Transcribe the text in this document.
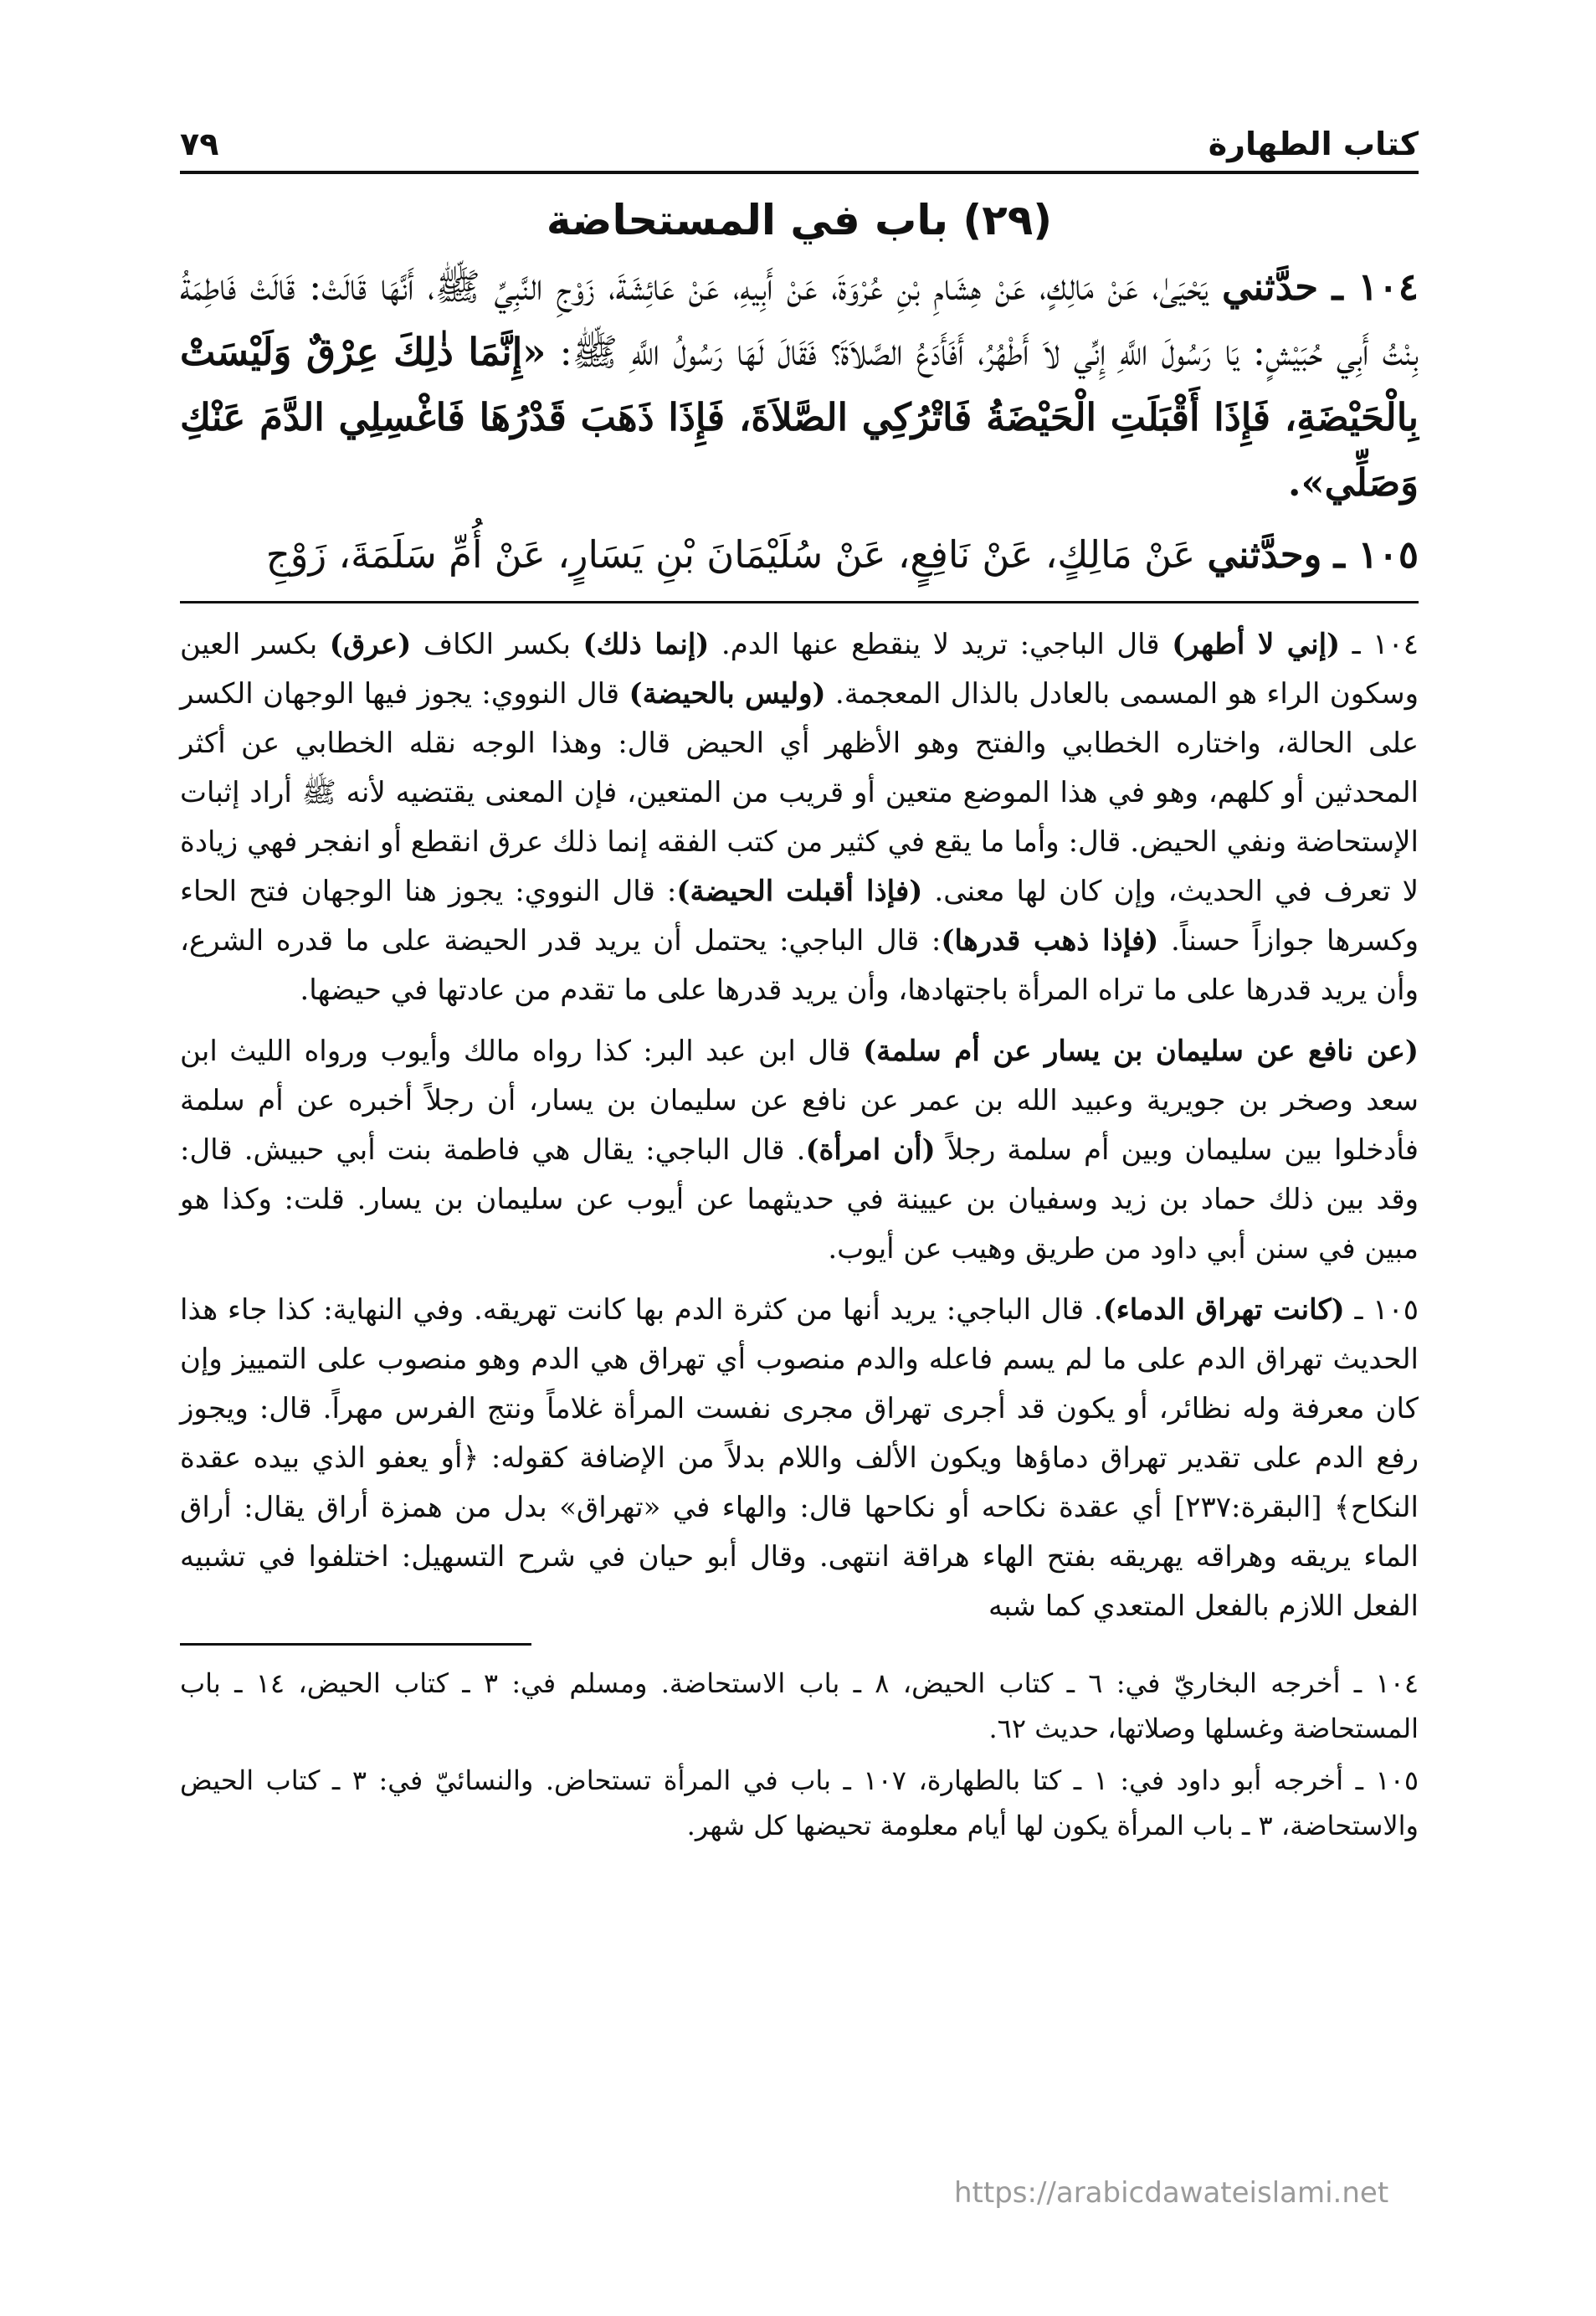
كتاب الطهارة
٧٩
(٢٩) باب في المستحاضة

١٠٤ ـ حدَّثني يَحْيَىٰ، عَنْ مَالِكٍ، عَنْ هِشَامِ بْنِ عُرْوَةَ، عَنْ أَبِيهِ، عَنْ عَائِشَةَ، زَوْجِ النَّبِيِّ ﷺ، أَنَّهَا قَالَتْ: قَالَتْ فَاطِمَةُ بِنْتُ أَبِي حُبَيْشٍ: يَا رَسُولَ اللَّهِ إِنِّي لاَ أَطْهُرُ، أَفَأَدَعُ الصَّلاَةَ؟ فَقَالَ لَهَا رَسُولُ اللَّهِ ﷺ: «إِنَّمَا ذٰلِكَ عِرْقٌ وَلَيْسَتْ بِالْحَيْضَةِ، فَإِذَا أَقْبَلَتِ الْحَيْضَةُ فَاتْرُكِي الصَّلاَةَ، فَإِذَا ذَهَبَ قَدْرُهَا فَاغْسِلِي الدَّمَ عَنْكِ وَصَلِّي».

١٠٥ ـ وحدَّثني عَنْ مَالِكٍ، عَنْ نَافِعٍ، عَنْ سُلَيْمَانَ بْنِ يَسَارٍ، عَنْ أُمِّ سَلَمَةَ، زَوْجِ

١٠٤ ـ (إني لا أطهر) قال الباجي: تريد لا ينقطع عنها الدم. (إنما ذلك) بكسر الكاف (عرق) بكسر العين وسكون الراء هو المسمى بالعادل بالذال المعجمة. (وليس بالحيضة) قال النووي: يجوز فيها الوجهان الكسر على الحالة، واختاره الخطابي والفتح وهو الأظهر أي الحيض قال: وهذا الوجه نقله الخطابي عن أكثر المحدثين أو كلهم، وهو في هذا الموضع متعين أو قريب من المتعين، فإن المعنى يقتضيه لأنه ﷺ أراد إثبات الإستحاضة ونفي الحيض. قال: وأما ما يقع في كثير من كتب الفقه إنما ذلك عرق انقطع أو انفجر فهي زيادة لا تعرف في الحديث، وإن كان لها معنى. (فإذا أقبلت الحيضة): قال النووي: يجوز هنا الوجهان فتح الحاء وكسرها جوازاً حسناً. (فإذا ذهب قدرها): قال الباجي: يحتمل أن يريد قدر الحيضة على ما قدره الشرع، وأن يريد قدرها على ما تراه المرأة باجتهادها، وأن يريد قدرها على ما تقدم من عادتها في حيضها.

(عن نافع عن سليمان بن يسار عن أم سلمة) قال ابن عبد البر: كذا رواه مالك وأيوب ورواه الليث ابن سعد وصخر بن جويرية وعبيد الله بن عمر عن نافع عن سليمان بن يسار، أن رجلاً أخبره عن أم سلمة فأدخلوا بين سليمان وبين أم سلمة رجلاً (أن امرأة). قال الباجي: يقال هي فاطمة بنت أبي حبيش. قال: وقد بين ذلك حماد بن زيد وسفيان بن عيينة في حديثهما عن أيوب عن سليمان بن يسار. قلت: وكذا هو مبين في سنن أبي داود من طريق وهيب عن أيوب.

١٠٥ ـ (كانت تهراق الدماء). قال الباجي: يريد أنها من كثرة الدم بها كانت تهريقه. وفي النهاية: كذا جاء هذا الحديث تهراق الدم على ما لم يسم فاعله والدم منصوب أي تهراق هي الدم وهو منصوب على التمييز وإن كان معرفة وله نظائر، أو يكون قد أجرى تهراق مجرى نفست المرأة غلاماً ونتج الفرس مهراً. قال: ويجوز رفع الدم على تقدير تهراق دماؤها ويكون الألف واللام بدلاً من الإضافة كقوله: ﴿أو يعفو الذي بيده عقدة النكاح﴾ [البقرة:٢٣٧] أي عقدة نكاحه أو نكاحها قال: والهاء في «تهراق» بدل من همزة أراق يقال: أراق الماء يريقه وهراقه يهريقه بفتح الهاء هراقة انتهى. وقال أبو حيان في شرح التسهيل: اختلفوا في تشبيه الفعل اللازم بالفعل المتعدي كما شبه

١٠٤ ـ أخرجه البخاريّ في: ٦ ـ كتاب الحيض، ٨ ـ باب الاستحاضة. ومسلم في: ٣ ـ كتاب الحيض، ١٤ ـ باب المستحاضة وغسلها وصلاتها، حديث ٦٢.

١٠٥ ـ أخرجه أبو داود في: ١ ـ كتا بالطهارة، ١٠٧ ـ باب في المرأة تستحاض. والنسائيّ في: ٣ ـ كتاب الحيض والاستحاضة، ٣ ـ باب المرأة يكون لها أيام معلومة تحيضها كل شهر.

https://arabicdawateislami.net
